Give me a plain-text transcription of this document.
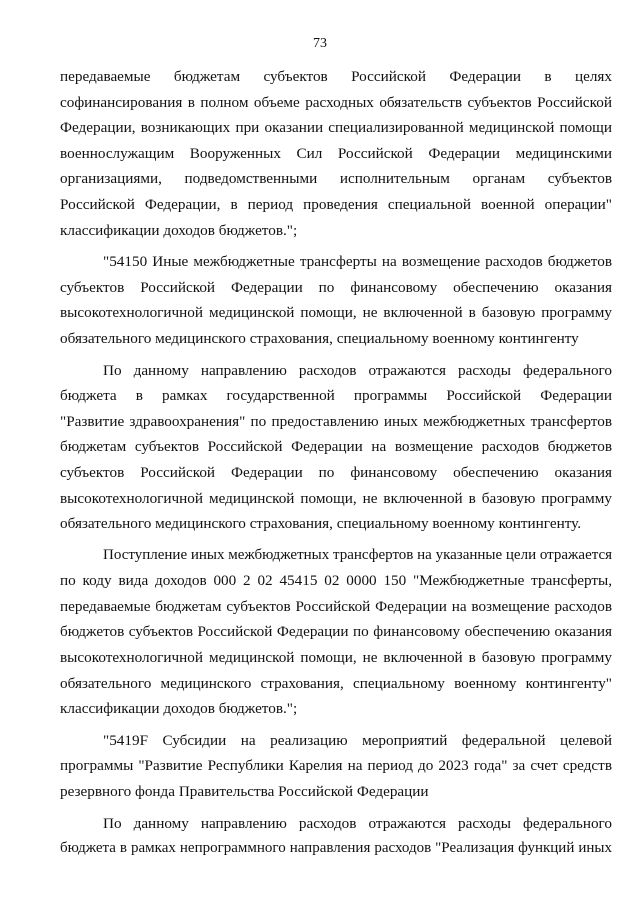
73
передаваемые бюджетам субъектов Российской Федерации в целях
софинансирования в полном объеме расходных обязательств субъектов Российской
Федерации, возникающих при оказании специализированной медицинской помощи
военнослужащим Вооруженных Сил Российской Федерации медицинскими
организациями, подведомственными исполнительным органам субъектов
Российской Федерации, в период проведения специальной военной операции"
классификации доходов бюджетов.";
"54150 Иные межбюджетные трансферты на возмещение расходов бюджетов
субъектов Российской Федерации по финансовому обеспечению оказания
высокотехнологичной медицинской помощи, не включенной в базовую программу
обязательного медицинского страхования, специальному военному контингенту
По данному направлению расходов отражаются расходы федерального
бюджета в рамках государственной программы Российской Федерации
"Развитие здравоохранения" по предоставлению иных межбюджетных трансфертов
бюджетам субъектов Российской Федерации на возмещение расходов бюджетов
субъектов Российской Федерации по финансовому обеспечению оказания
высокотехнологичной медицинской помощи, не включенной в базовую программу
обязательного медицинского страхования, специальному военному контингенту.
Поступление иных межбюджетных трансфертов на указанные цели отражается
по коду вида доходов 000 2 02 45415 02 0000 150 "Межбюджетные трансферты,
передаваемые бюджетам субъектов Российской Федерации на возмещение расходов
бюджетов субъектов Российской Федерации по финансовому обеспечению оказания
высокотехнологичной медицинской помощи, не включенной в базовую программу
обязательного медицинского страхования, специальному военному контингенту"
классификации доходов бюджетов.";
"5419F Субсидии на реализацию мероприятий федеральной целевой
программы "Развитие Республики Карелия на период до 2023 года" за счет средств
резервного фонда Правительства Российской Федерации
По данному направлению расходов отражаются расходы федерального
бюджета в рамках непрограммного направления расходов "Реализация функций иных
